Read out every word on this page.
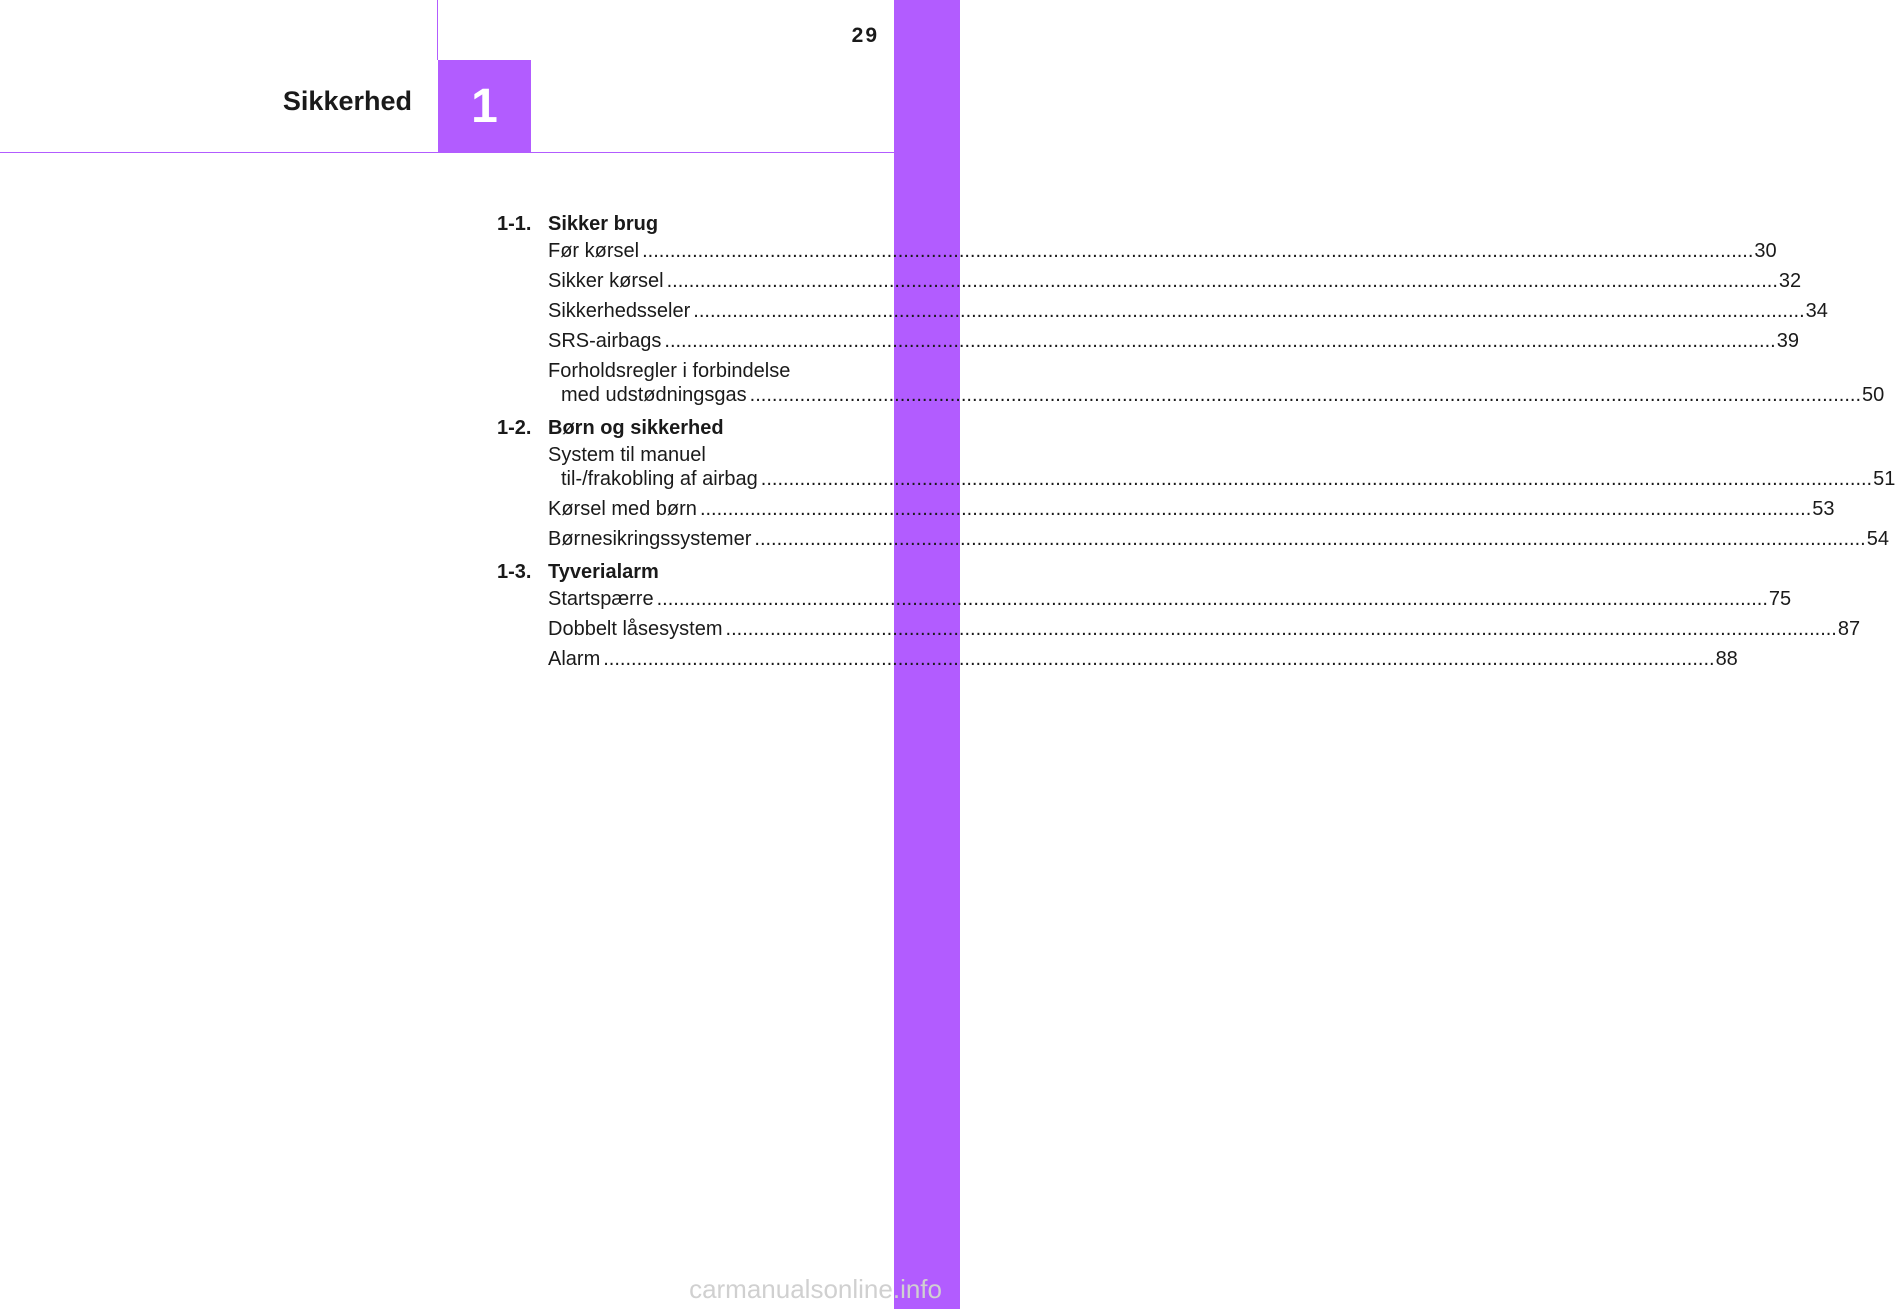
Sikkerhed	1
29
1-1. Sikker brug
Før kørsel ........................................................................................................................................................................................................ 30
Sikker kørsel ........................................................................................................................................................................................................ 32
Sikkerhedsseler ........................................................................................................................................................................................................ 34
SRS-airbags ........................................................................................................................................................................................................ 39
Forholdsregler i forbindelse
med udstødningsgas ........................................................................................................................................................................................................ 50
1-2. Børn og sikkerhed
System til manuel
til-/frakobling af airbag ........................................................................................................................................................................................................ 51
Kørsel med børn ........................................................................................................................................................................................................ 53
Børnesikringssystemer ........................................................................................................................................................................................................ 54
1-3. Tyverialarm
Startspærre ........................................................................................................................................................................................................ 75
Dobbelt låsesystem ........................................................................................................................................................................................................ 87
Alarm ........................................................................................................................................................................................................ 88
carmanualsonline.info
